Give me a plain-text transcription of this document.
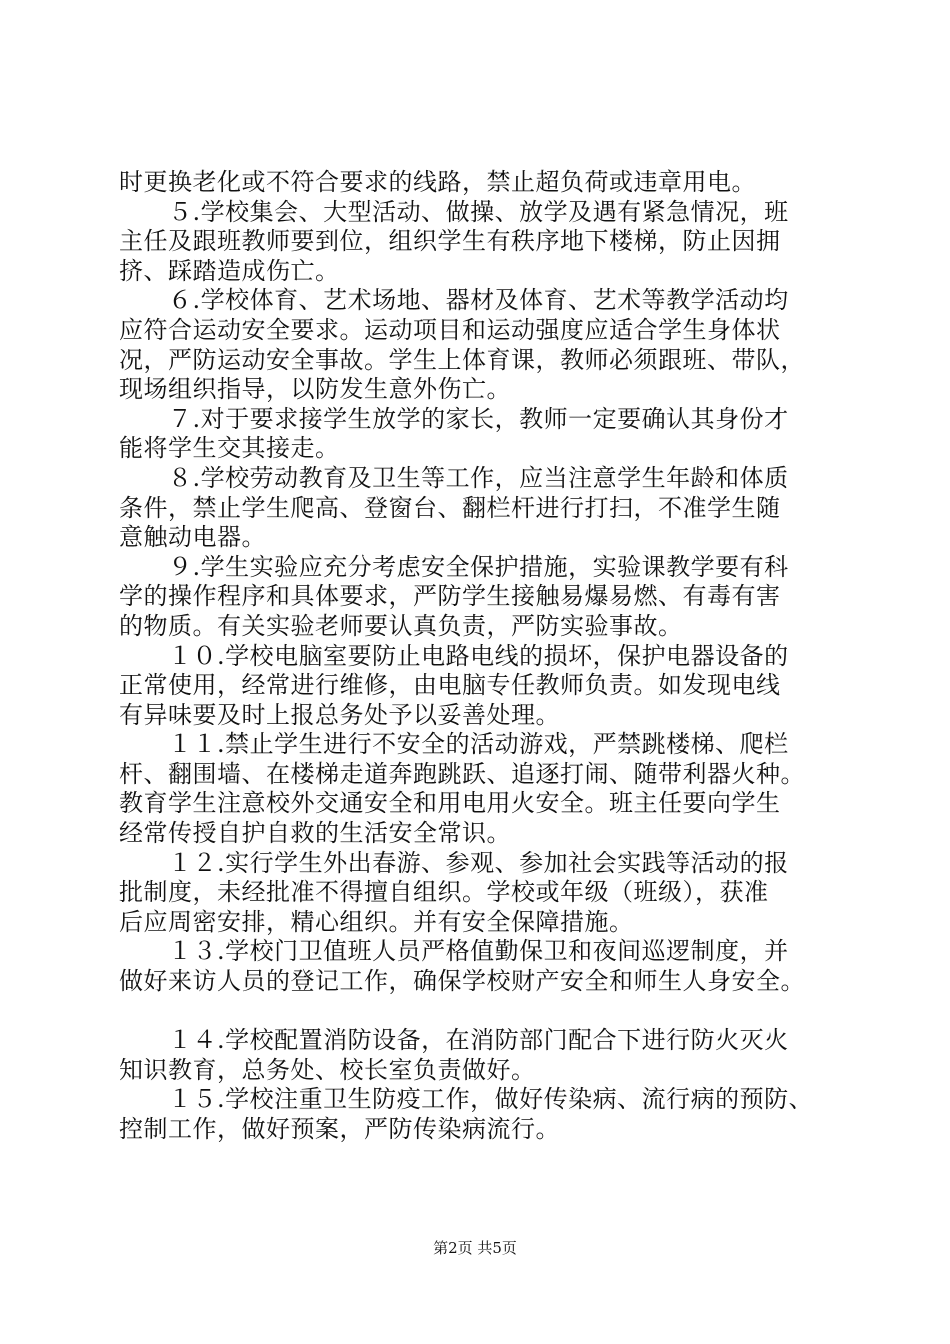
时更换老化或不符合要求的线路，禁止超负荷或违章用电。
　　５.学校集会、大型活动、做操、放学及遇有紧急情况，班
主任及跟班教师要到位，组织学生有秩序地下楼梯，防止因拥
挤、踩踏造成伤亡。
　　６.学校体育、艺术场地、器材及体育、艺术等教学活动均
应符合运动安全要求。运动项目和运动强度应适合学生身体状
况，严防运动安全事故。学生上体育课，教师必须跟班、带队，
现场组织指导，以防发生意外伤亡。
　　７.对于要求接学生放学的家长，教师一定要确认其身份才
能将学生交其接走。
　　８.学校劳动教育及卫生等工作，应当注意学生年龄和体质
条件，禁止学生爬高、登窗台、翻栏杆进行打扫，不准学生随
意触动电器。
　　９.学生实验应充分考虑安全保护措施，实验课教学要有科
学的操作程序和具体要求，严防学生接触易爆易燃、有毒有害
的物质。有关实验老师要认真负责，严防实验事故。
　　１０.学校电脑室要防止电路电线的损坏，保护电器设备的
正常使用，经常进行维修，由电脑专任教师负责。如发现电线
有异味要及时上报总务处予以妥善处理。
　　１１.禁止学生进行不安全的活动游戏，严禁跳楼梯、爬栏
杆、翻围墙、在楼梯走道奔跑跳跃、追逐打闹、随带利器火种。
教育学生注意校外交通安全和用电用火安全。班主任要向学生
经常传授自护自救的生活安全常识。
　　１２.实行学生外出春游、参观、参加社会实践等活动的报
批制度，未经批准不得擅自组织。学校或年级（班级），获准
后应周密安排，精心组织。并有安全保障措施。
　　１３.学校门卫值班人员严格值勤保卫和夜间巡逻制度，并
做好来访人员的登记工作，确保学校财产安全和师生人身安全。
　　１４.学校配置消防设备，在消防部门配合下进行防火灭火
知识教育，总务处、校长室负责做好。
　　１５.学校注重卫生防疫工作，做好传染病、流行病的预防、
控制工作，做好预案，严防传染病流行。
第2页 共5页
